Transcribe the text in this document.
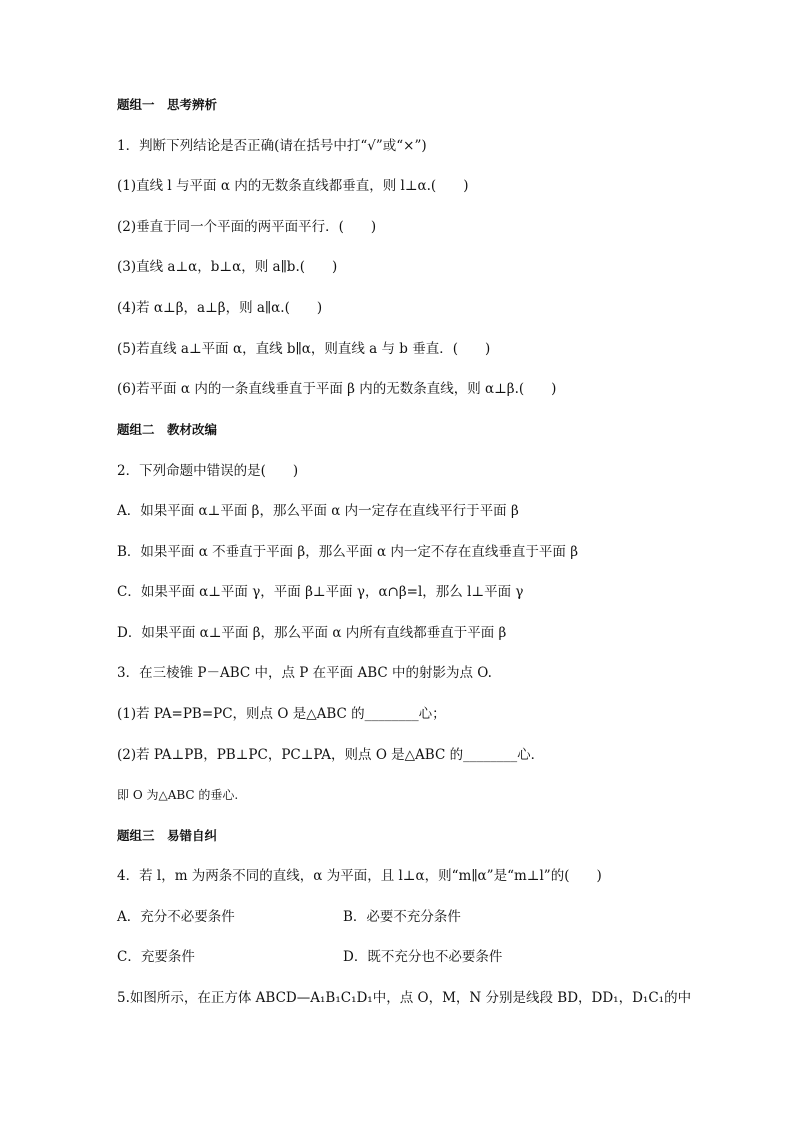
题组一　思考辨析
1．判断下列结论是否正确(请在括号中打“√”或“×”)
(1)直线 l 与平面 α 内的无数条直线都垂直，则 l⊥α.(　　)
(2)垂直于同一个平面的两平面平行．(　　)
(3)直线 a⊥α，b⊥α，则 a∥b.(　　)
(4)若 α⊥β，a⊥β，则 a∥α.(　　)
(5)若直线 a⊥平面 α，直线 b∥α，则直线 a 与 b 垂直．(　　)
(6)若平面 α 内的一条直线垂直于平面 β 内的无数条直线，则 α⊥β.(　　)
题组二　教材改编
2．下列命题中错误的是(　　)
A．如果平面 α⊥平面 β，那么平面 α 内一定存在直线平行于平面 β
B．如果平面 α 不垂直于平面 β，那么平面 α 内一定不存在直线垂直于平面 β
C．如果平面 α⊥平面 γ，平面 β⊥平面 γ，α∩β=l，那么 l⊥平面 γ
D．如果平面 α⊥平面 β，那么平面 α 内所有直线都垂直于平面 β
3．在三棱锥 P－ABC 中，点 P 在平面 ABC 中的射影为点 O.
(1)若 PA=PB=PC，则点 O 是△ABC 的________心；
(2)若 PA⊥PB，PB⊥PC，PC⊥PA，则点 O 是△ABC 的________心．
即 O 为△ABC 的垂心.
题组三　易错自纠
4．若 l，m 为两条不同的直线，α 为平面，且 l⊥α，则“m∥α”是“m⊥l”的(　　)
A．充分不必要条件	B．必要不充分条件
C．充要条件	D．既不充分也不必要条件
5.如图所示，在正方体 ABCD—A₁B₁C₁D₁中，点 O，M，N 分别是线段 BD，DD₁，D₁C₁的中
